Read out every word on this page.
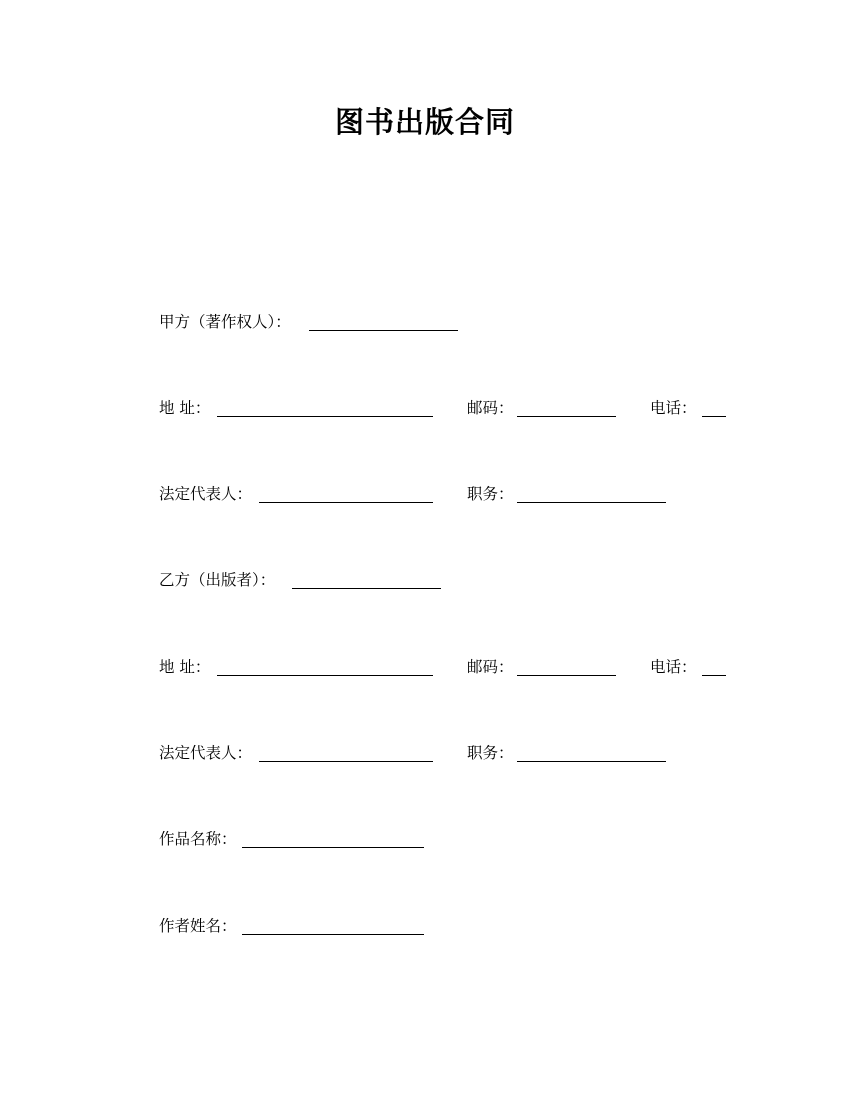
图书出版合同
甲方（著作权人）：
地 址：	邮码：	电话：
法定代表人：	职务：
乙方（出版者）：
地 址：	邮码：	电话：
法定代表人：	职务：
作品名称：
作者姓名：
